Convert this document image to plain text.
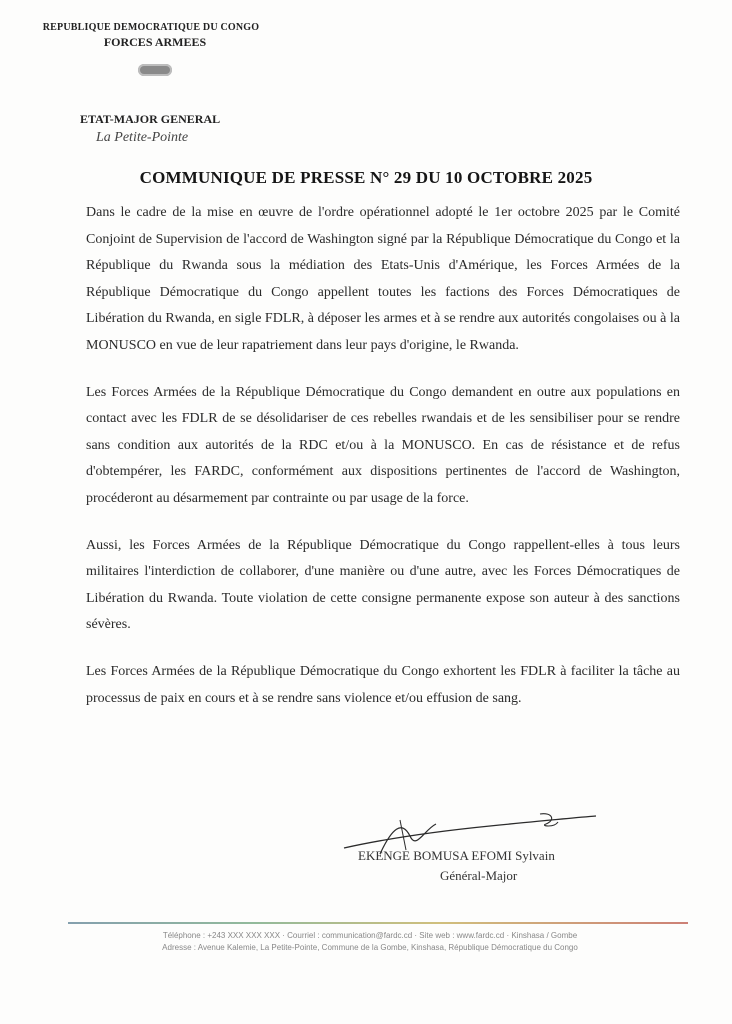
REPUBLIQUE DEMOCRATIQUE DU CONGO
FORCES ARMEES
ETAT-MAJOR GENERAL
La Petite-Pointe
COMMUNIQUE DE PRESSE N° 29 DU 10 OCTOBRE 2025

Dans le cadre de la mise en œuvre de l'ordre opérationnel adopté le 1er octobre 2025 par le Comité Conjoint de Supervision de l'accord de Washington signé par la République Démocratique du Congo et la République du Rwanda sous la médiation des Etats-Unis d'Amérique, les Forces Armées de la République Démocratique du Congo appellent toutes les factions des Forces Démocratiques de Libération du Rwanda, en sigle FDLR, à déposer les armes et à se rendre aux autorités congolaises ou à la MONUSCO en vue de leur rapatriement dans leur pays d'origine, le Rwanda.

Les Forces Armées de la République Démocratique du Congo demandent en outre aux populations en contact avec les FDLR de se désolidariser de ces rebelles rwandais et de les sensibiliser pour se rendre sans condition aux autorités de la RDC et/ou à la MONUSCO. En cas de résistance et de refus d'obtempérer, les FARDC, conformément aux dispositions pertinentes de l'accord de Washington, procéderont au désarmement par contrainte ou par usage de la force.

Aussi, les Forces Armées de la République Démocratique du Congo rappellent-elles à tous leurs militaires l'interdiction de collaborer, d'une manière ou d'une autre, avec les Forces Démocratiques de Libération du Rwanda. Toute violation de cette consigne permanente expose son auteur à des sanctions sévères.

Les Forces Armées de la République Démocratique du Congo exhortent les FDLR à faciliter la tâche au processus de paix en cours et à se rendre sans violence et/ou effusion de sang.

EKENGE BOMUSA EFOMI Sylvain
Général-Major
Téléphone : +243 XXX XXX XXX · Courriel : communication@fardc.cd · Site web : www.fardc.cd · Kinshasa / Gombe
Adresse : Avenue Kalemie, La Petite-Pointe, Commune de la Gombe, Kinshasa, République Démocratique du Congo
